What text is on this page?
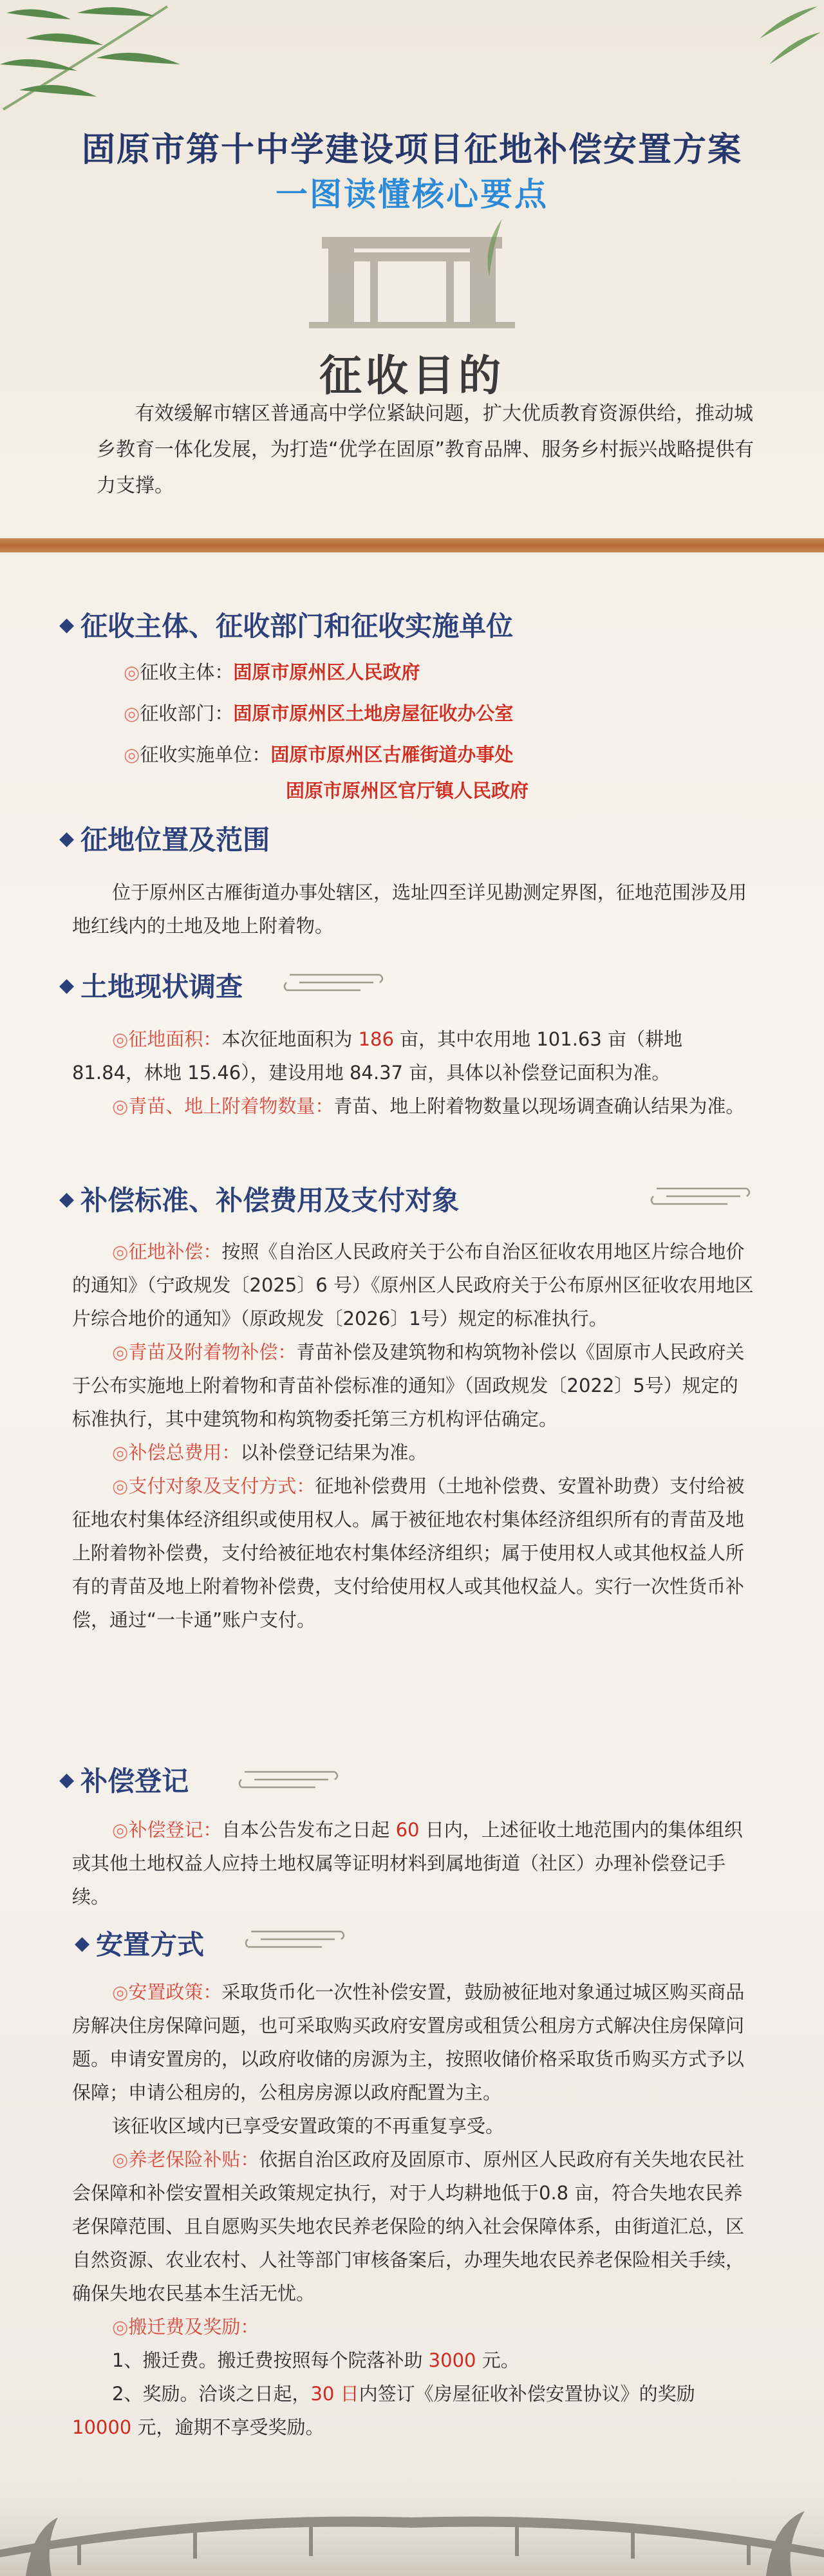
固原市第十中学建设项目征地补偿安置方案
一图读懂核心要点
征收目的
有效缓解市辖区普通高中学位紧缺问题，扩大优质教育资源供给，推动城乡教育一体化发展，为打造“优学在固原”教育品牌、服务乡村振兴战略提供有力支撑。
◆ 征收主体、征收部门和征收实施单位
◎征收主体：固原市原州区人民政府
◎征收部门：固原市原州区土地房屋征收办公室
◎征收实施单位：固原市原州区古雁街道办事处
固原市原州区官厅镇人民政府
◆ 征地位置及范围

位于原州区古雁街道办事处辖区，选址四至详见勘测定界图，征地范围涉及用地红线内的土地及地上附着物。

◆ 土地现状调查

◎征地面积：本次征地面积为 186 亩，其中农用地 101.63 亩（耕地 81.84，林地 15.46），建设用地 84.37 亩，具体以补偿登记面积为准。

◎青苗、地上附着物数量：青苗、地上附着物数量以现场调查确认结果为准。

◆ 补偿标准、补偿费用及支付对象

◎征地补偿：按照《自治区人民政府关于公布自治区征收农用地区片综合地价的通知》（宁政规发〔2025〕6 号）《原州区人民政府关于公布原州区征收农用地区片综合地价的通知》（原政规发〔2026〕1号）规定的标准执行。

◎青苗及附着物补偿：青苗补偿及建筑物和构筑物补偿以《固原市人民政府关于公布实施地上附着物和青苗补偿标准的通知》（固政规发〔2022〕5号）规定的标准执行，其中建筑物和构筑物委托第三方机构评估确定。

◎补偿总费用：以补偿登记结果为准。

◎支付对象及支付方式：征地补偿费用（土地补偿费、安置补助费）支付给被征地农村集体经济组织或使用权人。属于被征地农村集体经济组织所有的青苗及地上附着物补偿费，支付给被征地农村集体经济组织；属于使用权人或其他权益人所有的青苗及地上附着物补偿费，支付给使用权人或其他权益人。实行一次性货币补偿，通过“一卡通”账户支付。

◆ 补偿登记

◎补偿登记：自本公告发布之日起 60 日内，上述征收土地范围内的集体组织或其他土地权益人应持土地权属等证明材料到属地街道（社区）办理补偿登记手续。

◆ 安置方式

◎安置政策：采取货币化一次性补偿安置，鼓励被征地对象通过城区购买商品房解决住房保障问题，也可采取购买政府安置房或租赁公租房方式解决住房保障问题。申请安置房的，以政府收储的房源为主，按照收储价格采取货币购买方式予以保障；申请公租房的，公租房房源以政府配置为主。

该征收区域内已享受安置政策的不再重复享受。

◎养老保险补贴：依据自治区政府及固原市、原州区人民政府有关失地农民社会保障和补偿安置相关政策规定执行，对于人均耕地低于0.8 亩，符合失地农民养老保障范围、且自愿购买失地农民养老保险的纳入社会保障体系，由街道汇总，区自然资源、农业农村、人社等部门审核备案后，办理失地农民养老保险相关手续，确保失地农民基本生活无忧。

◎搬迁费及奖励：

1、搬迁费。搬迁费按照每个院落补助 3000 元。

2、奖励。洽谈之日起，30 日内签订《房屋征收补偿安置协议》的奖励 10000 元，逾期不享受奖励。
